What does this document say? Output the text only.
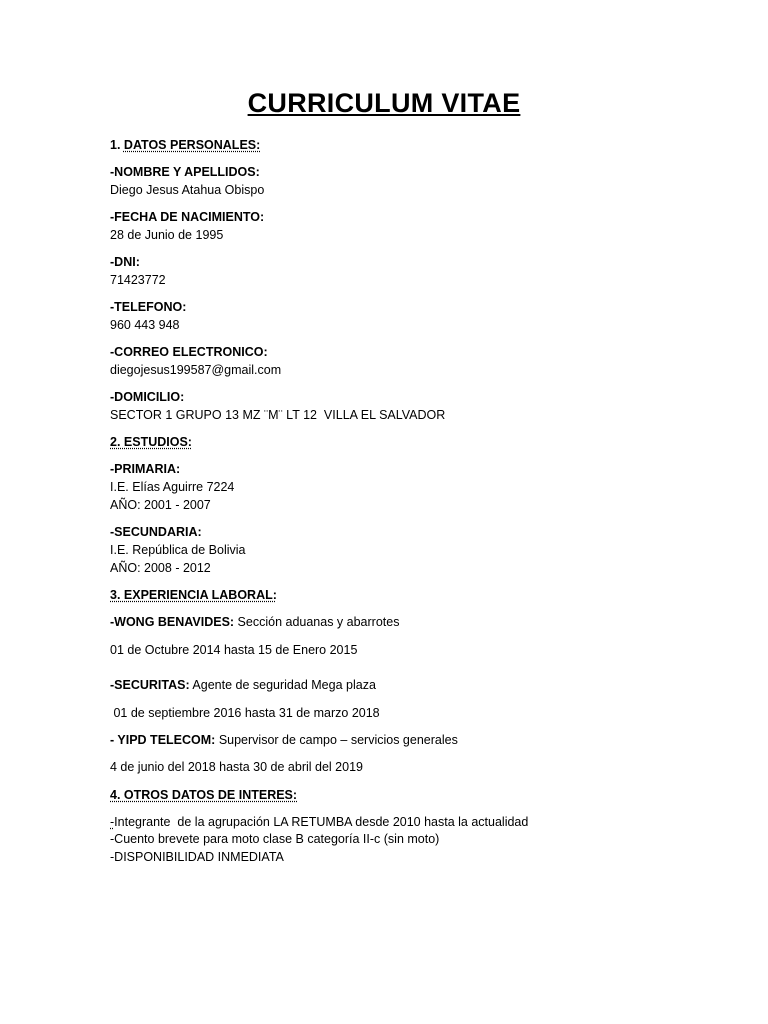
CURRICULUM VITAE

1. DATOS PERSONALES:

-NOMBRE Y APELLIDOS:

Diego Jesus Atahua Obispo

-FECHA DE NACIMIENTO:

28 de Junio de 1995

-DNI:

71423772

-TELEFONO:

960 443 948

-CORREO ELECTRONICO:

diegojesus199587@gmail.com

-DOMICILIO:

SECTOR 1 GRUPO 13 MZ ¨M¨ LT 12  VILLA EL SALVADOR

2. ESTUDIOS:

-PRIMARIA:

I.E. Elías Aguirre 7224

AÑO: 2001 - 2007

-SECUNDARIA:

I.E. República de Bolivia

AÑO: 2008 - 2012

3. EXPERIENCIA LABORAL:

-WONG BENAVIDES: Sección aduanas y abarrotes

01 de Octubre 2014 hasta 15 de Enero 2015

-SECURITAS: Agente de seguridad Mega plaza

01 de septiembre 2016 hasta 31 de marzo 2018

- YIPD TELECOM: Supervisor de campo – servicios generales

4 de junio del 2018 hasta 30 de abril del 2019

4. OTROS DATOS DE INTERES:

-Integrante  de la agrupación LA RETUMBA desde 2010 hasta la actualidad

-Cuento brevete para moto clase B categoría II-c (sin moto)

-DISPONIBILIDAD INMEDIATA
